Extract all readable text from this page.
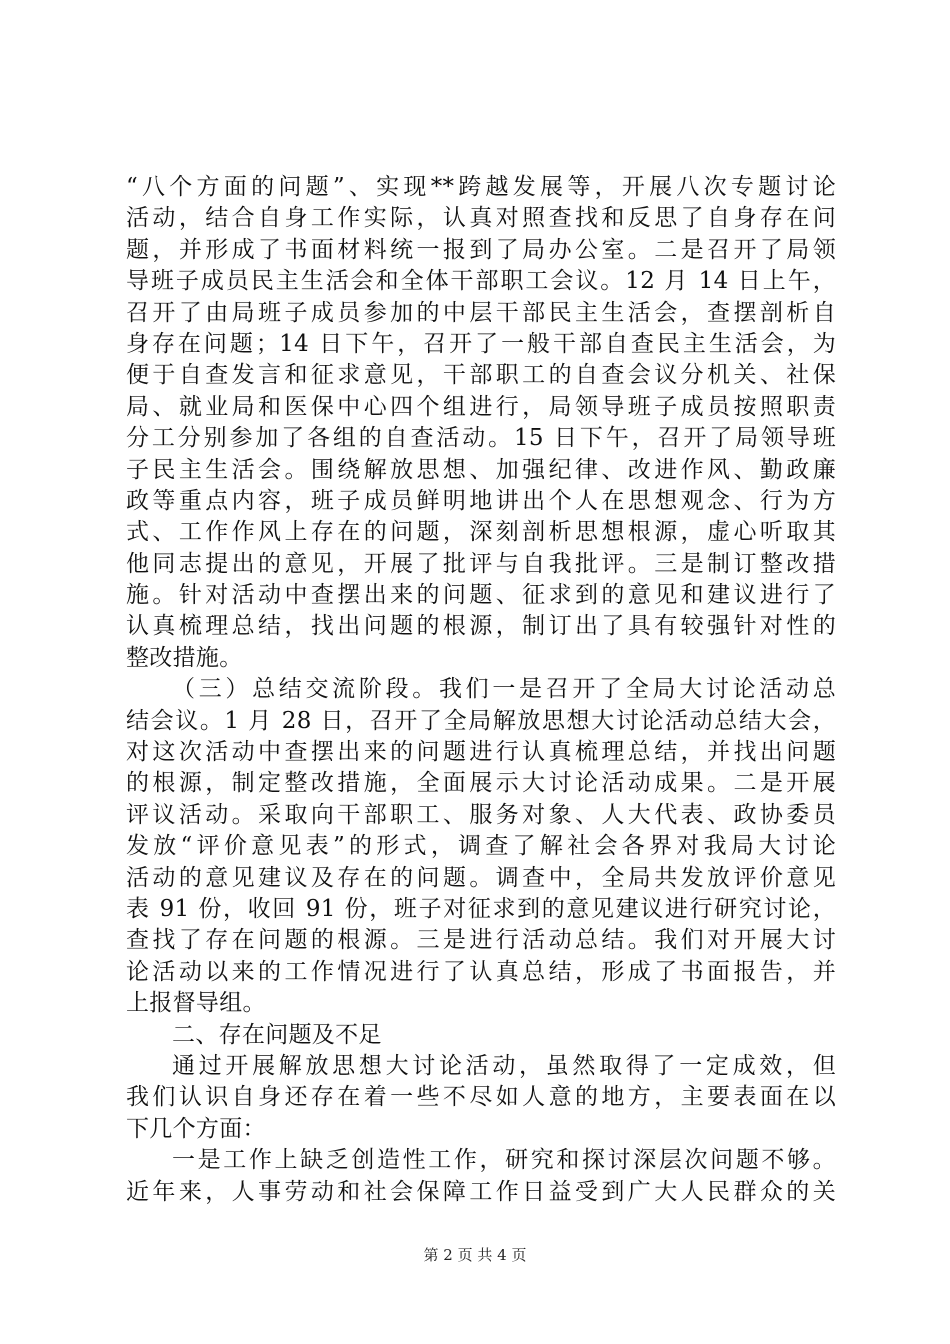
“八个方面的问题”、实现**跨越发展等，开展八次专题讨论
活动，结合自身工作实际，认真对照查找和反思了自身存在问
题，并形成了书面材料统一报到了局办公室。二是召开了局领
导班子成员民主生活会和全体干部职工会议。12 月 14 日上午，
召开了由局班子成员参加的中层干部民主生活会，查摆剖析自
身存在问题；14 日下午，召开了一般干部自查民主生活会，为
便于自查发言和征求意见，干部职工的自查会议分机关、社保
局、就业局和医保中心四个组进行，局领导班子成员按照职责
分工分别参加了各组的自查活动。15 日下午，召开了局领导班
子民主生活会。围绕解放思想、加强纪律、改进作风、勤政廉
政等重点内容，班子成员鲜明地讲出个人在思想观念、行为方
式、工作作风上存在的问题，深刻剖析思想根源，虚心听取其
他同志提出的意见，开展了批评与自我批评。三是制订整改措
施。针对活动中查摆出来的问题、征求到的意见和建议进行了
认真梳理总结，找出问题的根源，制订出了具有较强针对性的
整改措施。
（三）总结交流阶段。我们一是召开了全局大讨论活动总
结会议。1 月 28 日，召开了全局解放思想大讨论活动总结大会，
对这次活动中查摆出来的问题进行认真梳理总结，并找出问题
的根源，制定整改措施，全面展示大讨论活动成果。二是开展
评议活动。采取向干部职工、服务对象、人大代表、政协委员
发放“评价意见表”的形式，调查了解社会各界对我局大讨论
活动的意见建议及存在的问题。调查中，全局共发放评价意见
表 91 份，收回 91 份，班子对征求到的意见建议进行研究讨论，
查找了存在问题的根源。三是进行活动总结。我们对开展大讨
论活动以来的工作情况进行了认真总结，形成了书面报告，并
上报督导组。
二、存在问题及不足
通过开展解放思想大讨论活动，虽然取得了一定成效，但
我们认识自身还存在着一些不尽如人意的地方，主要表面在以
下几个方面：
一是工作上缺乏创造性工作，研究和探讨深层次问题不够。
近年来，人事劳动和社会保障工作日益受到广大人民群众的关
第 2 页 共 4 页
